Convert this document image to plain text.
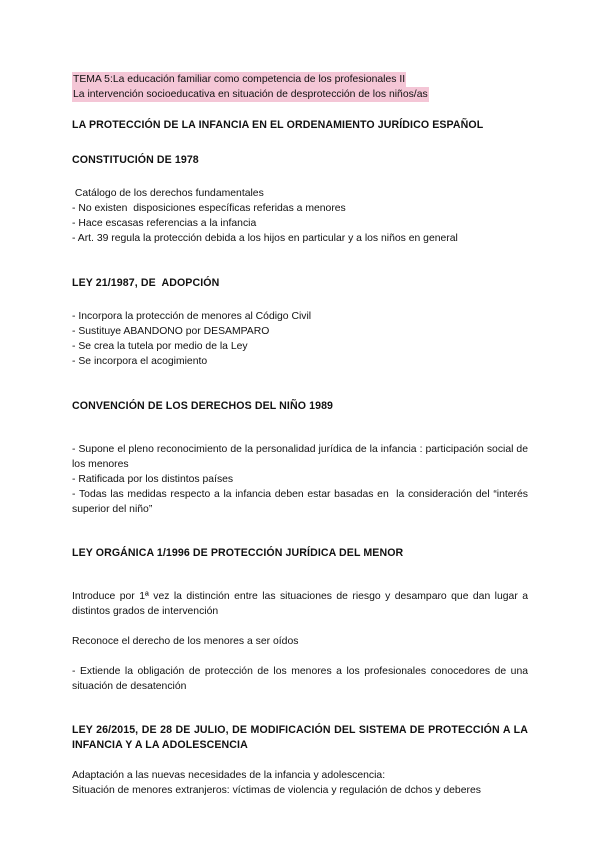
TEMA 5:La educación familiar como competencia de los profesionales II
La intervención socioeducativa en situación de desprotección de los niños/as
LA PROTECCIÓN DE LA INFANCIA EN EL ORDENAMIENTO JURÍDICO ESPAÑOL
CONSTITUCIÓN DE 1978
Catálogo de los derechos fundamentales
- No existen  disposiciones específicas referidas a menores
- Hace escasas referencias a la infancia
- Art. 39 regula la protección debida a los hijos en particular y a los niños en general
LEY 21/1987, DE  ADOPCIÓN
- Incorpora la protección de menores al Código Civil
- Sustituye ABANDONO por DESAMPARO
- Se crea la tutela por medio de la Ley
- Se incorpora el acogimiento
CONVENCIÓN DE LOS DERECHOS DEL NIÑO 1989

- Supone el pleno reconocimiento de la personalidad jurídica de la infancia : participación social de los menores

- Ratificada por los distintos países

- Todas las medidas respecto a la infancia deben estar basadas en  la consideración del “interés superior del niño”

LEY ORGÁNICA 1/1996 DE PROTECCIÓN JURÍDICA DEL MENOR

Introduce por 1ª vez la distinción entre las situaciones de riesgo y desamparo que dan lugar a distintos grados de intervención

Reconoce el derecho de los menores a ser oídos

- Extiende la obligación de protección de los menores a los profesionales conocedores de una situación de desatención

LEY 26/2015, DE 28 DE JULIO, DE MODIFICACIÓN DEL SISTEMA DE PROTECCIÓN A LA INFANCIA Y A LA ADOLESCENCIA

Adaptación a las nuevas necesidades de la infancia y adolescencia:

Situación de menores extranjeros: víctimas de violencia y regulación de dchos y deberes
